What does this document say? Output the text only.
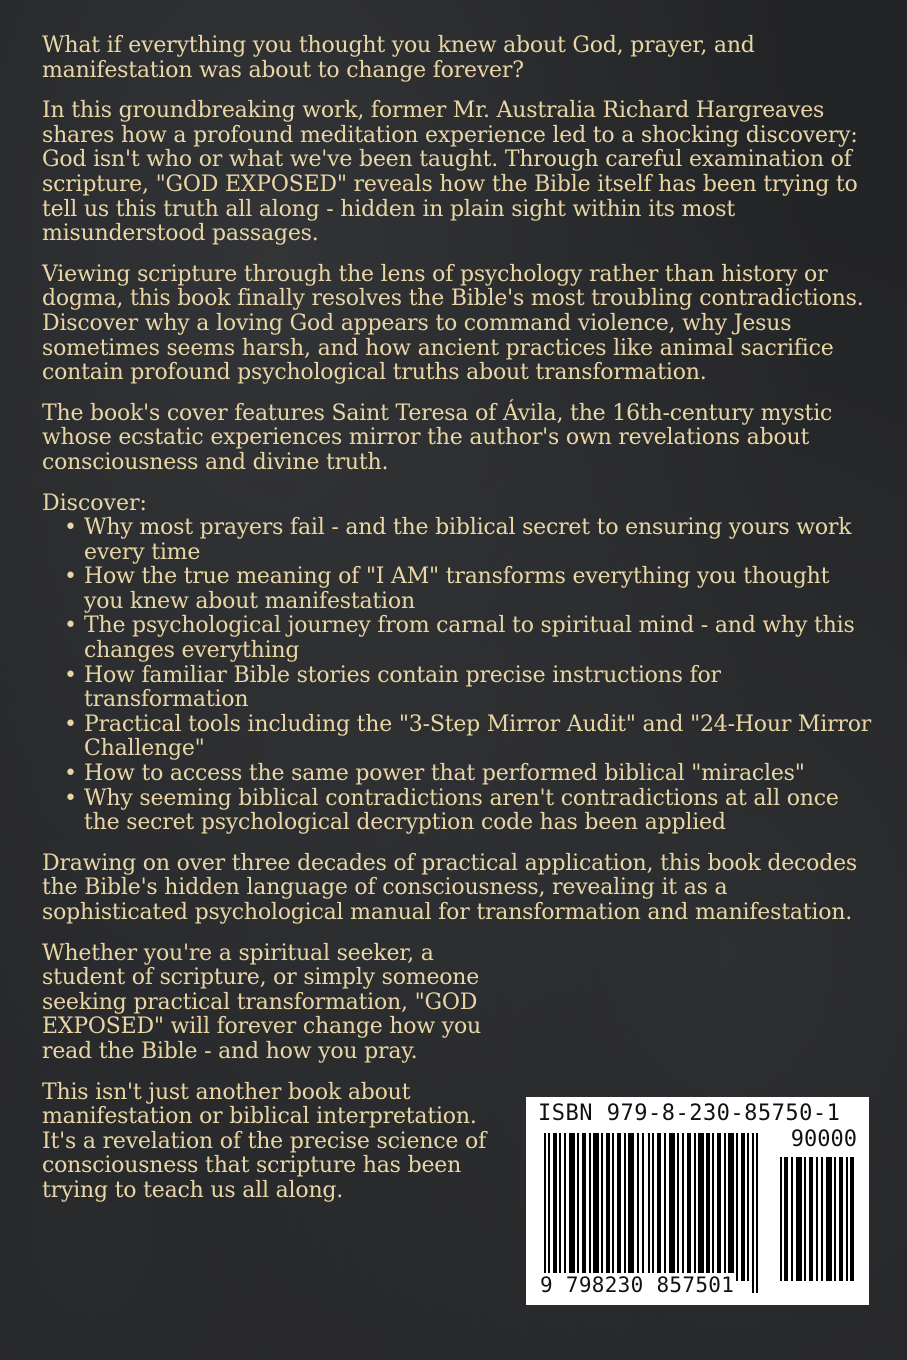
What if everything you thought you knew about God, prayer, and manifestation was about to change forever?

In this groundbreaking work, former Mr. Australia Richard Hargreaves shares how a profound meditation experience led to a shocking discovery: God isn't who or what we've been taught. Through careful examination of scripture, "GOD EXPOSED" reveals how the Bible itself has been trying to tell us this truth all along - hidden in plain sight within its most misunderstood passages.

Viewing scripture through the lens of psychology rather than history or dogma, this book finally resolves the Bible's most troubling contradictions. Discover why a loving God appears to command violence, why Jesus sometimes seems harsh, and how ancient practices like animal sacrifice contain profound psychological truths about transformation.

The book's cover features Saint Teresa of Ávila, the 16th-century mystic whose ecstatic experiences mirror the author's own revelations about consciousness and divine truth.

Discover:
• Why most prayers fail - and the biblical secret to ensuring yours work every time
• How the true meaning of "I AM" transforms everything you thought you knew about manifestation
• The psychological journey from carnal to spiritual mind - and why this changes everything
• How familiar Bible stories contain precise instructions for transformation
• Practical tools including the "3-Step Mirror Audit" and "24-Hour Mirror Challenge"
• How to access the same power that performed biblical "miracles"
• Why seeming biblical contradictions aren't contradictions at all once the secret psychological decryption code has been applied

Drawing on over three decades of practical application, this book decodes the Bible's hidden language of consciousness, revealing it as a sophisticated psychological manual for transformation and manifestation.

Whether you're a spiritual seeker, a student of scripture, or simply someone seeking practical transformation, "GOD EXPOSED" will forever change how you read the Bible - and how you pray.

This isn't just another book about manifestation or biblical interpretation. It's a revelation of the precise science of consciousness that scripture has been trying to teach us all along.

ISBN 979-8-230-85750-1
90000
9 798230 857501
